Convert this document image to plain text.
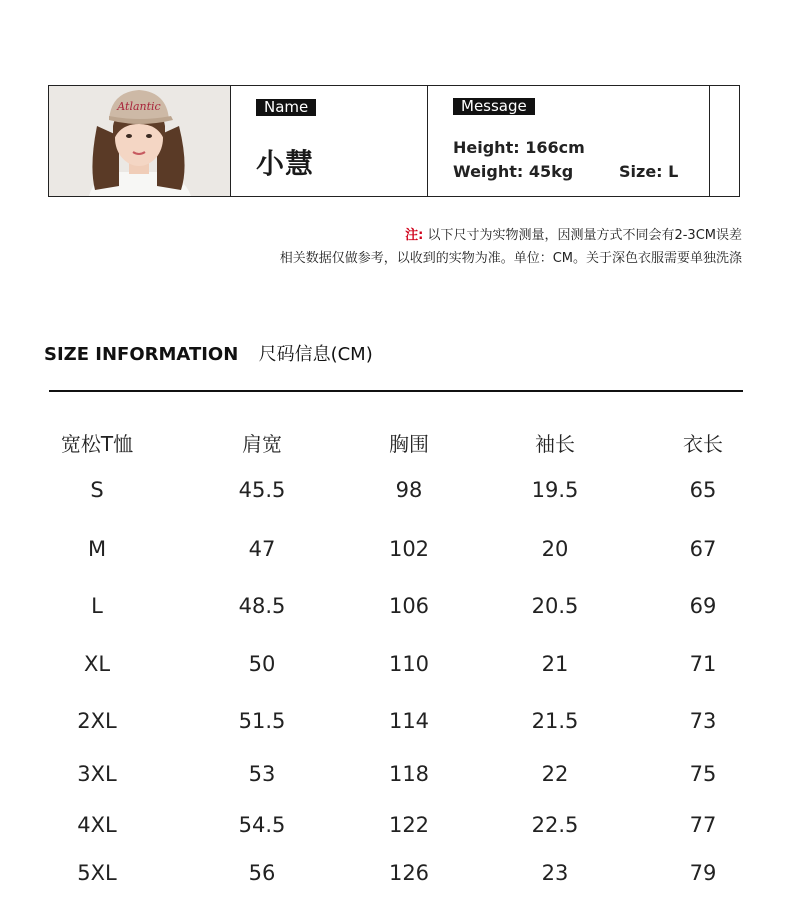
Atlantic	Name
小慧
Message
Height: 166cm
Weight: 45kg	Size: L
注: 以下尺寸为实物测量，因测量方式不同会有2-3CM误差
相关数据仅做参考，以收到的实物为准。单位：CM。关于深色衣服需要单独洗涤
SIZE INFORMATION 尺码信息(CM)
宽松T恤	肩宽	胸围	袖长	衣长
S	45.5	98	19.5	65
M	47	102	20	67
L	48.5	106	20.5	69
XL	50	110	21	71
2XL	51.5	114	21.5	73
3XL	53	118	22	75
4XL	54.5	122	22.5	77
5XL	56	126	23	79
